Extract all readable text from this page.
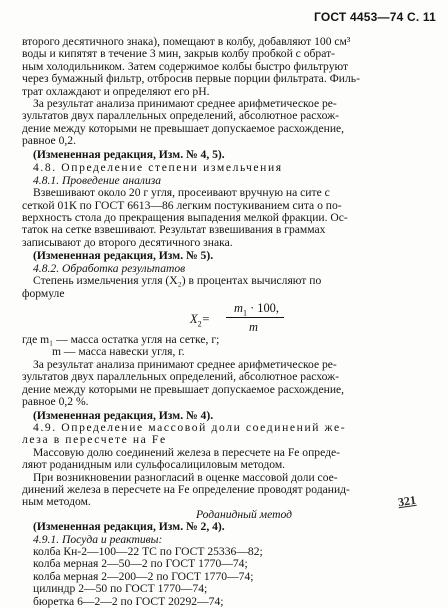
ГОСТ 4453—74 С. 11
$X_2=$
$m_1 \cdot 100$,
m
второго десятичного знака), помещают в колбу, добавляют 100 см³
воды и кипятят в течение 3 мин, закрыв колбу пробкой с обрат-
ным холодильником. Затем содержимое колбы быстро фильтруют
через бумажный фильтр, отбросив первые порции фильтрата. Филь-
трат охлаждают и определяют его pH.
За результат анализа принимают среднее арифметическое ре-
зультатов двух параллельных определений, абсолютное расхож-
дение между которыми не превышает допускаемое расхождение,
равное 0,2.
(Измененная редакция, Изм. № 4, 5).
4.8. Определение степени измельчения
4.8.1. Проведение анализа
Взвешивают около 20 г угля, просеивают вручную на сите с
сеткой 01К по ГОСТ 6613—86 легким постукиванием сита о по-
верхность стола до прекращения выпадения мелкой фракции. Ос-
таток на сетке взвешивают. Результат взвешивания в граммах
записывают до второго десятичного знака.
(Измененная редакция, Изм. № 5).
4.8.2. Обработка результатов
Степень измельчения угля (X₂) в процентах вычисляют по
формуле
где m₁ — масса остатка угля на сетке, г;
m — масса навески угля, г.
За результат анализа принимают среднее арифметическое ре-
зультатов двух параллельных определений, абсолютное расхож-
дение между которыми не превышает допускаемое расхождение,
равное 0,2 %.
(Измененная редакция, Изм. № 4).
4.9. Определение массовой доли соединений же-
леза в пересчете на Fe
Массовую долю соединений железа в пересчете на Fe опреде-
ляют роданидным или сульфосалициловым методом.
При возникновении разногласий в оценке массовой доли сое-
динений железа в пересчете на Fe определение проводят роданид-
ным методом.
Роданидный метод
(Измененная редакция, Изм. № 2, 4).
4.9.1. Посуда и реактивы:
колба Кн-2—100—22 ТС по ГОСТ 25336—82;
колба мерная 2—50—2 по ГОСТ 1770—74;
колба мерная 2—200—2 по ГОСТ 1770—74;
цилиндр 2—50 по ГОСТ 1770—74;
бюретка 6—2—2 по ГОСТ 20292—74;
321
